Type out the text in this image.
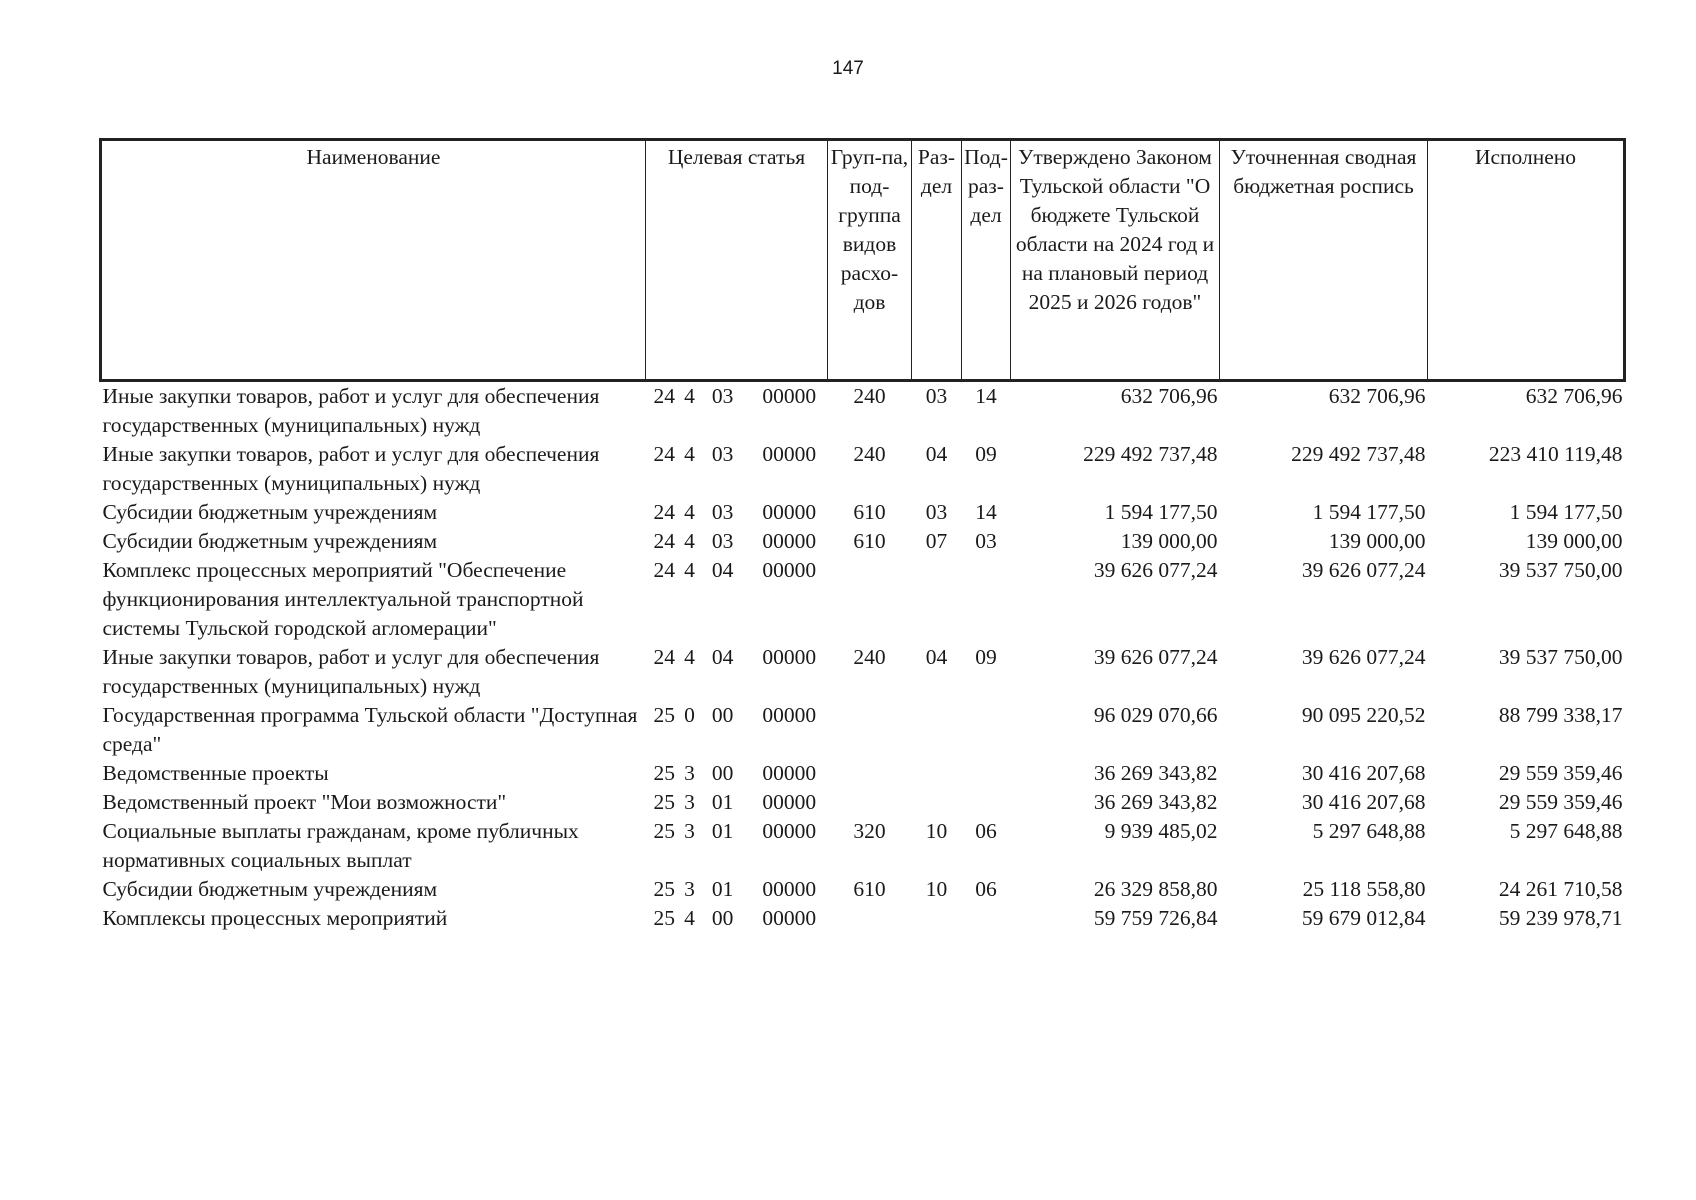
147
Наименование	Целевая статья	Груп-па, под-группа видов расхо-дов	Раз-дел	Под-раз-дел	Утверждено Законом Тульской области "О бюджете Тульской области на 2024 год и на плановый период 2025 и 2026 годов"	Уточненная сводная бюджетная роспись	Исполнено
Иные закупки товаров, работ и услуг для обеспечения государственных (муниципальных) нужд	24 4 03 00000	240	03	14	632 706,96	632 706,96	632 706,96
Иные закупки товаров, работ и услуг для обеспечения государственных (муниципальных) нужд	24 4 03 00000	240	04	09	229 492 737,48	229 492 737,48	223 410 119,48
Субсидии бюджетным учреждениям	24 4 03 00000	610	03	14	1 594 177,50	1 594 177,50	1 594 177,50
Субсидии бюджетным учреждениям	24 4 03 00000	610	07	03	139 000,00	139 000,00	139 000,00
Комплекс процессных мероприятий "Обеспечение функционирования интеллектуальной транспортной системы Тульской городской агломерации"	24 4 04 00000				39 626 077,24	39 626 077,24	39 537 750,00
Иные закупки товаров, работ и услуг для обеспечения государственных (муниципальных) нужд	24 4 04 00000	240	04	09	39 626 077,24	39 626 077,24	39 537 750,00
Государственная программа Тульской области "Доступная среда"	25 0 00 00000				96 029 070,66	90 095 220,52	88 799 338,17
Ведомственные проекты	25 3 00 00000				36 269 343,82	30 416 207,68	29 559 359,46
Ведомственный проект "Мои возможности"	25 3 01 00000				36 269 343,82	30 416 207,68	29 559 359,46
Социальные выплаты гражданам, кроме публичных нормативных социальных выплат	25 3 01 00000	320	10	06	9 939 485,02	5 297 648,88	5 297 648,88
Субсидии бюджетным учреждениям	25 3 01 00000	610	10	06	26 329 858,80	25 118 558,80	24 261 710,58
Комплексы процессных мероприятий	25 4 00 00000				59 759 726,84	59 679 012,84	59 239 978,71
